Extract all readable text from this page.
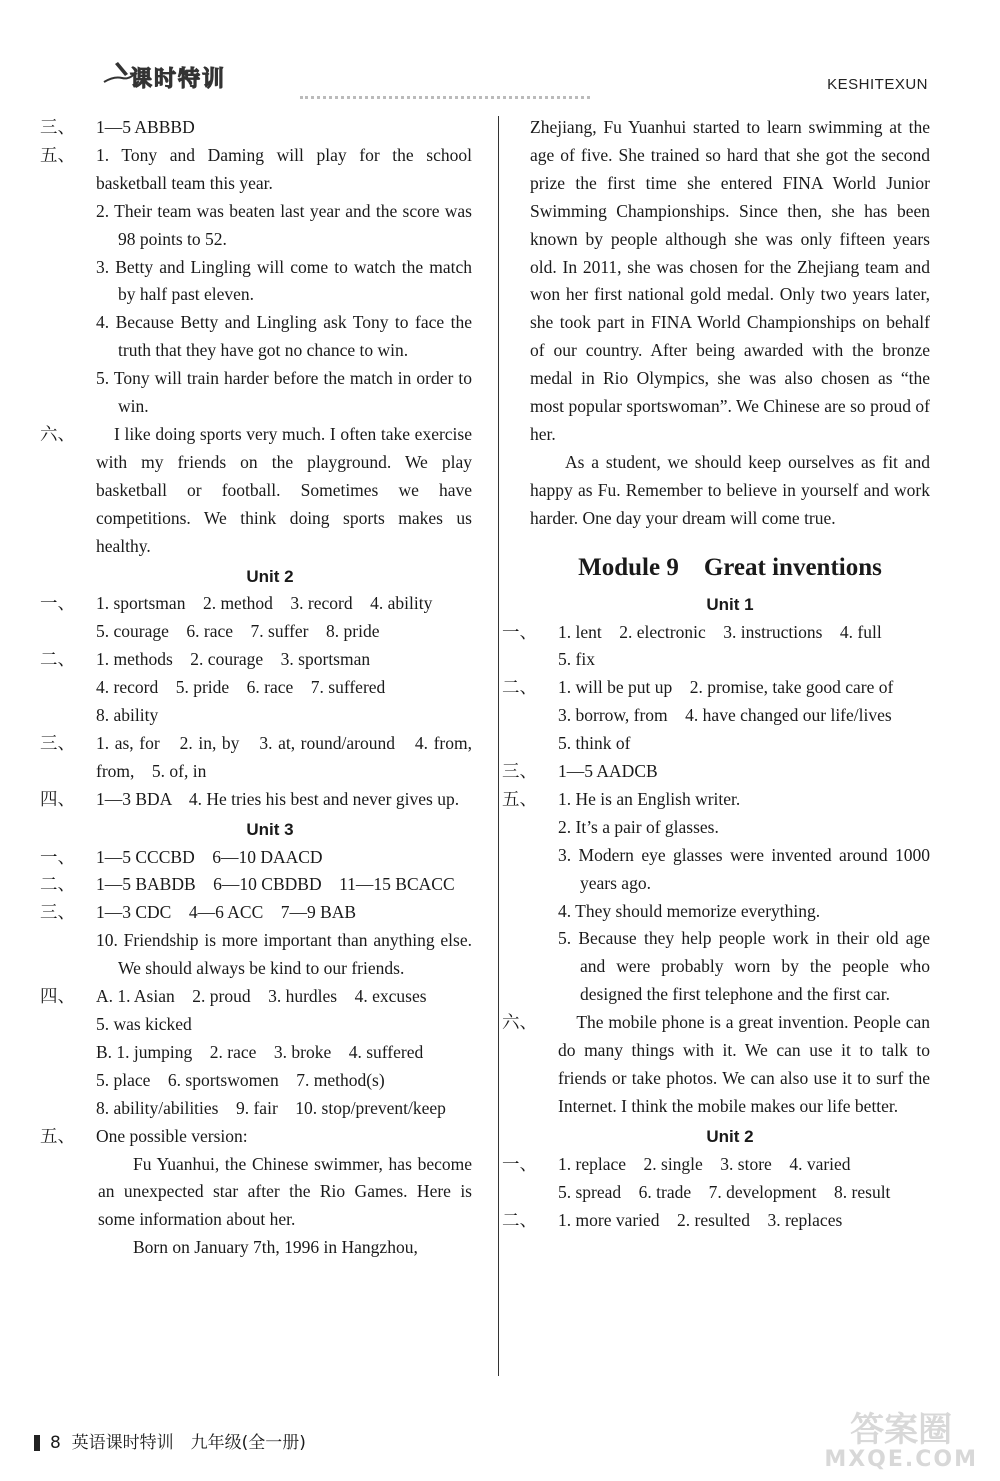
课时特训	KESHITEXUN

三、 1—5 ABBBD

五、 1. Tony and Daming will play for the school basketball team this year.

2. Their team was beaten last year and the score was 98 points to 52.

3. Betty and Lingling will come to watch the match by half past eleven.

4. Because Betty and Lingling ask Tony to face the truth that they have got no chance to win.

5. Tony will train harder before the match in order to win.

六、　I like doing sports very much. I often take exercise with my friends on the playground. We play basketball or football. Sometimes we have competitions. We think doing sports makes us healthy.

Unit 2

一、 1. sportsman　2. method　3. record　4. ability

5. courage　6. race　7. suffer　8. pride

二、 1. methods　2. courage　3. sportsman

4. record　5. pride　6. race　7. suffered

8. ability

三、 1. as, for　2. in, by　3. at, round/around　4. from, from,　5. of, in

四、 1—3 BDA　4. He tries his best and never gives up.

Unit 3

一、 1—5 CCCBD　6—10 DAACD

二、 1—5 BABDB　6—10 CBDBD　11—15 BCACC

三、 1—3 CDC　4—6 ACC　7—9 BAB

10. Friendship is more important than anything else. We should always be kind to our friends.

四、 A. 1. Asian　2. proud　3. hurdles　4. excuses

5. was kicked

B. 1. jumping　2. race　3. broke　4. suffered

5. place　6. sportswomen　7. method(s)

8. ability/abilities　9. fair　10. stop/prevent/keep

五、 One possible version:

Fu Yuanhui, the Chinese swimmer, has become an unexpected star after the Rio Games. Here is some information about her.

Born on January 7th, 1996 in Hangzhou,

Zhejiang, Fu Yuanhui started to learn swimming at the age of five. She trained so hard that she got the second prize the first time she entered FINA World Junior Swimming Championships. Since then, she has been known by people although she was only fifteen years old. In 2011, she was chosen for the Zhejiang team and won her first national gold medal. Only two years later, she took part in FINA World Championships on behalf of our country. After being awarded with the bronze medal in Rio Olympics, she was also chosen as “the most popular sportswoman”. We Chinese are so proud of her.

As a student, we should keep ourselves as fit and happy as Fu. Remember to believe in yourself and work harder. One day your dream will come true.

Module 9　Great inventions

Unit 1

一、 1. lent　2. electronic　3. instructions　4. full

5. fix

二、 1. will be put up　2. promise, take good care of

3. borrow, from　4. have changed our life/lives

5. think of

三、 1—5 AADCB

五、 1. He is an English writer.

2. It’s a pair of glasses.

3. Modern eye glasses were invented around 1000 years ago.

4. They should memorize everything.

5. Because they help people work in their old age and were probably worn by the people who designed the first telephone and the first car.

六、　The mobile phone is a great invention. People can do many things with it. We can use it to talk to friends or take photos. We can also use it to surf the Internet. I think the mobile makes our life better.

Unit 2

一、 1. replace　2. single　3. store　4. varied

5. spread　6. trade　7. development　8. result

二、 1. more varied　2. resulted　3. replaces

8 英语课时特训　九年级(全一册)	答案圈
MXQE.COM
